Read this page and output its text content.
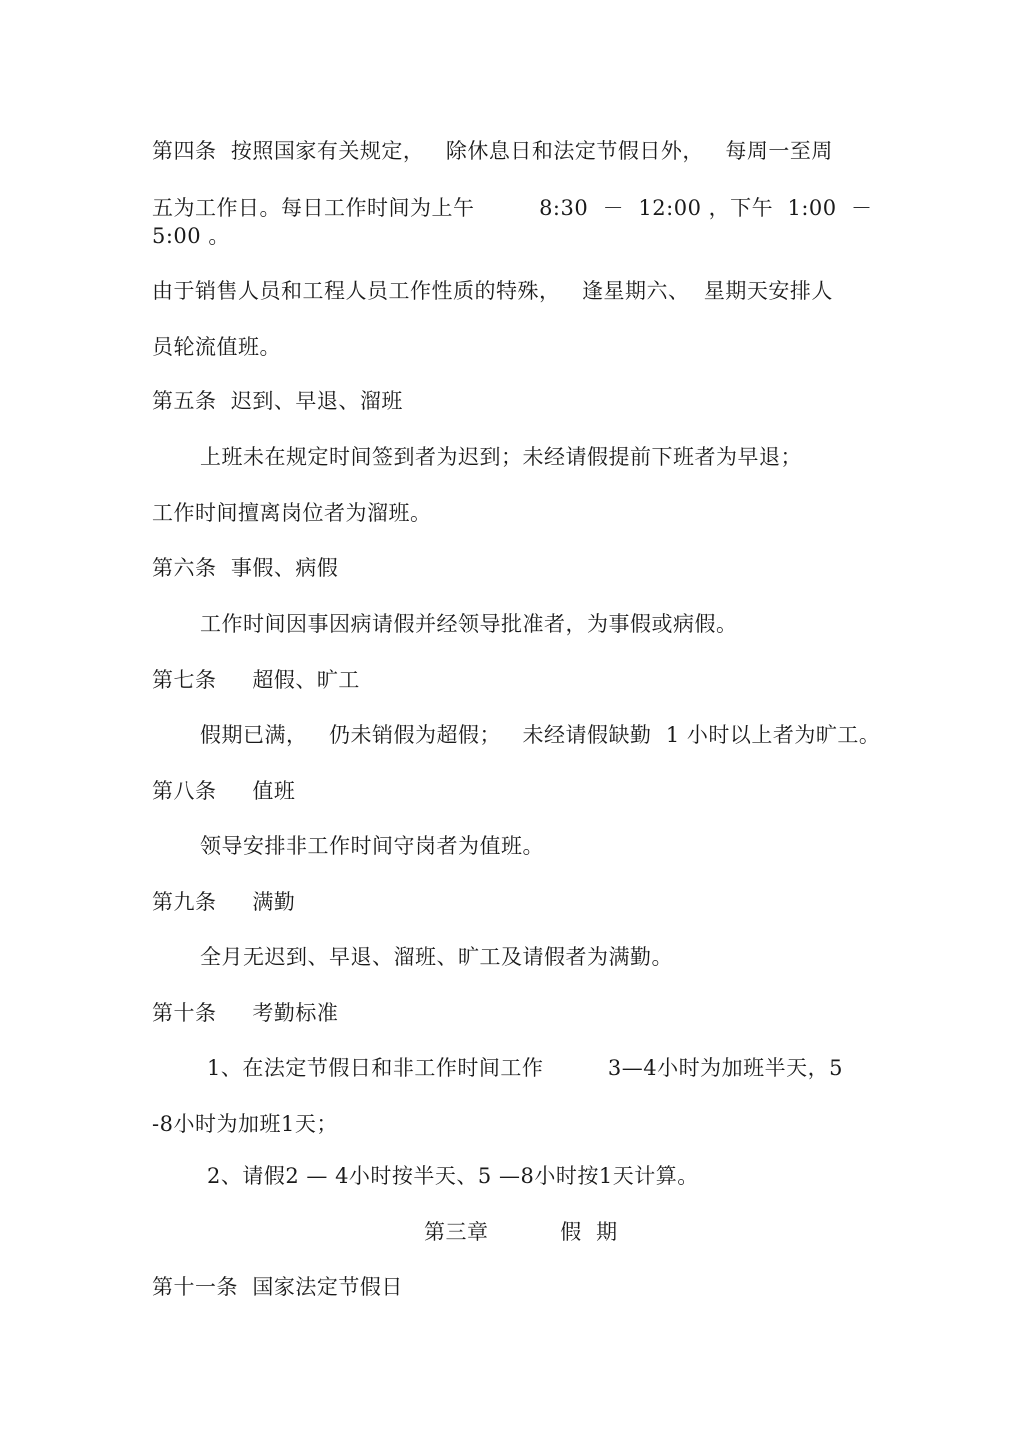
第四条  按照国家有关规定，   除休息日和法定节假日外，   每周一至周
五为工作日。每日工作时间为上午         8:30  －  12:00 ，下午  1:00  －
5:00 。
由于销售人员和工程人员工作性质的特殊，   逢星期六、  星期天安排人
员轮流值班。
第五条  迟到、早退、溜班
上班未在规定时间签到者为迟到；未经请假提前下班者为早退；
工作时间擅离岗位者为溜班。
第六条  事假、病假
工作时间因事因病请假并经领导批准者，为事假或病假。
第七条     超假、旷工
假期已满，   仍未销假为超假；   未经请假缺勤  1 小时以上者为旷工。
第八条     值班
领导安排非工作时间守岗者为值班。
第九条     满勤
全月无迟到、早退、溜班、旷工及请假者为满勤。
第十条     考勤标准
1、在法定节假日和非工作时间工作         3—4小时为加班半天，5
-8小时为加班1天；
2、请假2 — 4小时按半天、5 —8小时按1天计算。
第三章          假  期
第十一条  国家法定节假日
